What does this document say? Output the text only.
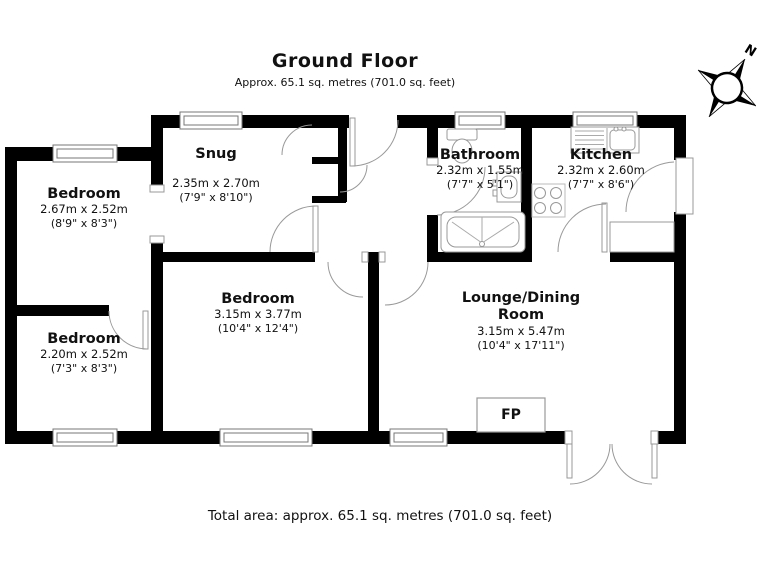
N
Ground Floor
Approx. 65.1 sq. metres (701.0 sq. feet)
Bedroom
2.67m x 2.52m
(8'9" x 8'3")
Snug
2.35m x 2.70m
(7'9" x 8'10")
Bathroom
2.32m x 1.55m
(7'7" x 5'1")
Kitchen
2.32m x 2.60m
(7'7" x 8'6")
Bedroom
2.20m x 2.52m
(7'3" x 8'3")
Bedroom
3.15m x 3.77m
(10'4" x 12'4")
Lounge/Dining Room
3.15m x 5.47m
(10'4" x 17'11")
FP
Total area: approx. 65.1 sq. metres (701.0 sq. feet)
